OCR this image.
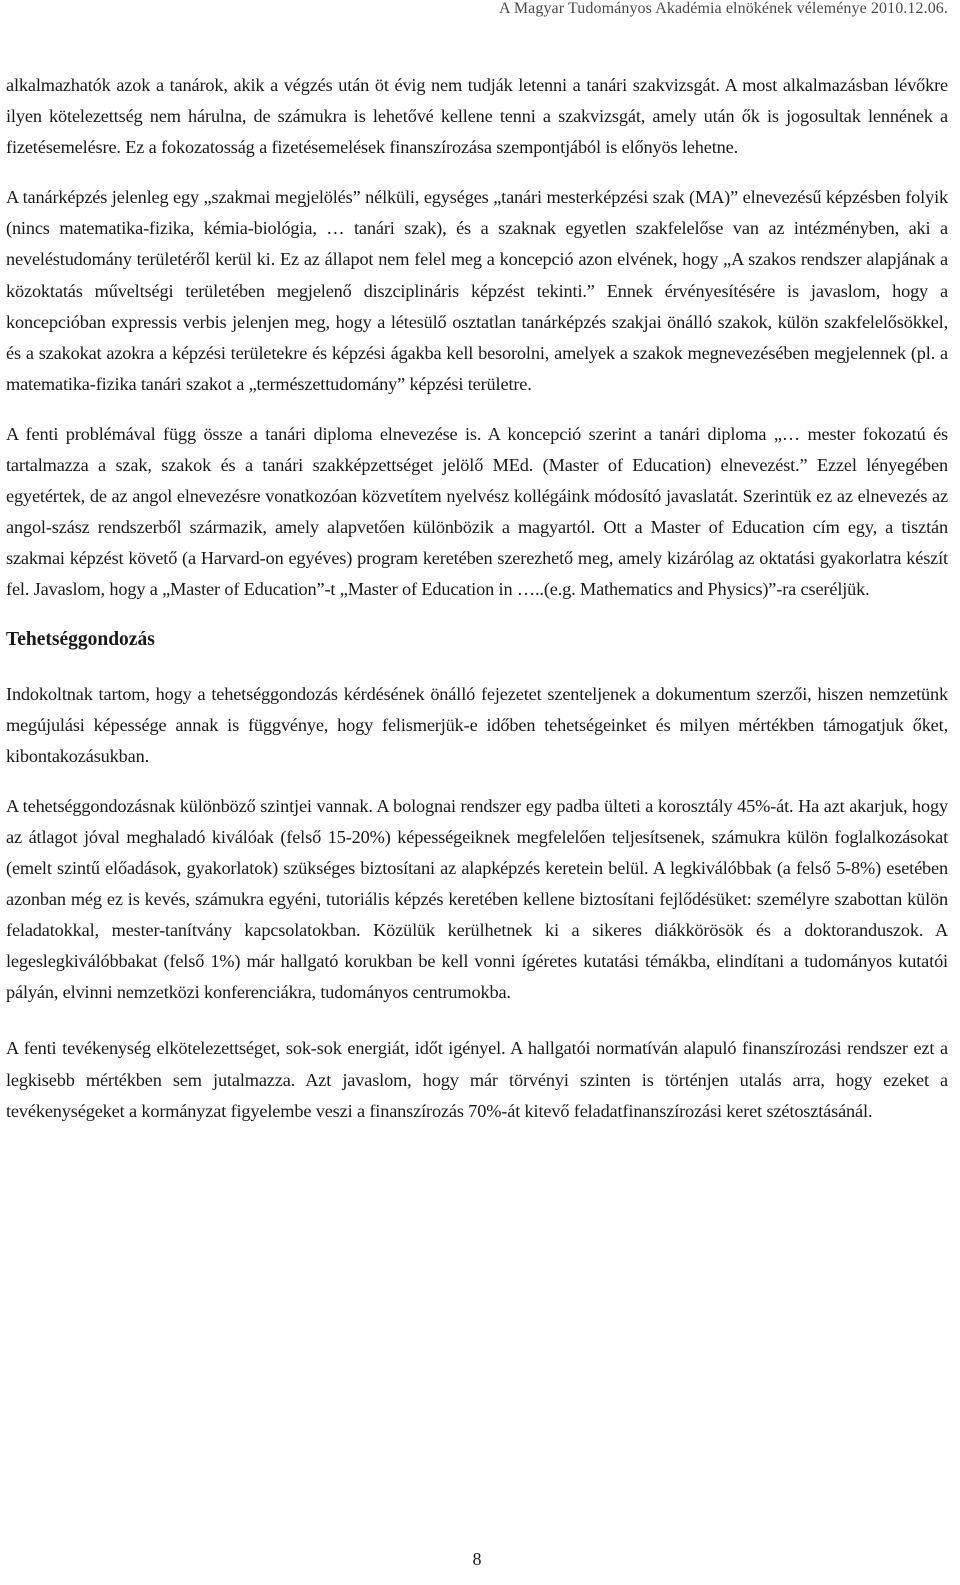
A Magyar Tudományos Akadémia elnökének véleménye 2010.12.06.

alkalmazhatók azok a tanárok, akik a végzés után öt évig nem tudják letenni a tanári szakvizsgát. A most alkalmazásban lévőkre ilyen kötelezettség nem hárulna, de számukra is lehetővé kellene tenni a szakvizsgát, amely után ők is jogosultak lennének a fizetésemelésre. Ez a fokozatosság a fizetésemelések finanszírozása szempontjából is előnyös lehetne.

A tanárképzés jelenleg egy „szakmai megjelölés” nélküli, egységes „tanári mesterképzési szak (MA)” elnevezésű képzésben folyik (nincs matematika-fizika, kémia-biológia, … tanári szak), és a szaknak egyetlen szakfelelőse van az intézményben, aki a neveléstudomány területéről kerül ki. Ez az állapot nem felel meg a koncepció azon elvének, hogy „A szakos rendszer alapjának a közoktatás műveltségi területében megjelenő diszciplináris képzést tekinti.” Ennek érvényesítésére is javaslom, hogy a koncepcióban expressis verbis jelenjen meg, hogy a létesülő osztatlan tanárképzés szakjai önálló szakok, külön szakfelelősökkel, és a szakokat azokra a képzési területekre és képzési ágakba kell besorolni, amelyek a szakok megnevezésében megjelennek (pl. a matematika-fizika tanári szakot a „természettudomány” képzési területre.

A fenti problémával függ össze a tanári diploma elnevezése is. A koncepció szerint a tanári diploma „… mester fokozatú és tartalmazza a szak, szakok és a tanári szakképzettséget jelölő MEd. (Master of Education) elnevezést.” Ezzel lényegében egyetértek, de az angol elnevezésre vonatkozóan közvetítem nyelvész kollégáink módosító javaslatát. Szerintük ez az elnevezés az angol-szász rendszerből származik, amely alapvetően különbözik a magyartól. Ott a Master of Education cím egy, a tisztán szakmai képzést követő (a Harvard-on egyéves) program keretében szerezhető meg, amely kizárólag az oktatási gyakorlatra készít fel. Javaslom, hogy a „Master of Education”-t „Master of Education in …..(e.g. Mathematics and Physics)”-ra cseréljük.

Tehetséggondozás

Indokoltnak tartom, hogy a tehetséggondozás kérdésének önálló fejezetet szenteljenek a dokumentum szerzői, hiszen nemzetünk megújulási képessége annak is függvénye, hogy felismerjük-e időben tehetségeinket és milyen mértékben támogatjuk őket, kibontakozásukban.

A tehetséggondozásnak különböző szintjei vannak. A bolognai rendszer egy padba ülteti a korosztály 45%-át. Ha azt akarjuk, hogy az átlagot jóval meghaladó kiválóak (felső 15-20%) képességeiknek megfelelően teljesítsenek, számukra külön foglalkozásokat (emelt szintű előadások, gyakorlatok) szükséges biztosítani az alapképzés keretein belül. A legkiválóbbak (a felső 5-8%) esetében azonban még ez is kevés, számukra egyéni, tutoriális képzés keretében kellene biztosítani fejlődésüket: személyre szabottan külön feladatokkal, mester-tanítvány kapcsolatokban. Közülük kerülhetnek ki a sikeres diákkörösök és a doktoranduszok. A legeslegkiválóbbakat (felső 1%) már hallgató korukban be kell vonni ígéretes kutatási témákba, elindítani a tudományos kutatói pályán, elvinni nemzetközi konferenciákra, tudományos centrumokba.

A fenti tevékenység elkötelezettséget, sok-sok energiát, időt igényel. A hallgatói normatíván alapuló finanszírozási rendszer ezt a legkisebb mértékben sem jutalmazza. Azt javaslom, hogy már törvényi szinten is történjen utalás arra, hogy ezeket a tevékenységeket a kormányzat figyelembe veszi a finanszírozás 70%-át kitevő feladatfinanszírozási keret szétosztásánál.

8
